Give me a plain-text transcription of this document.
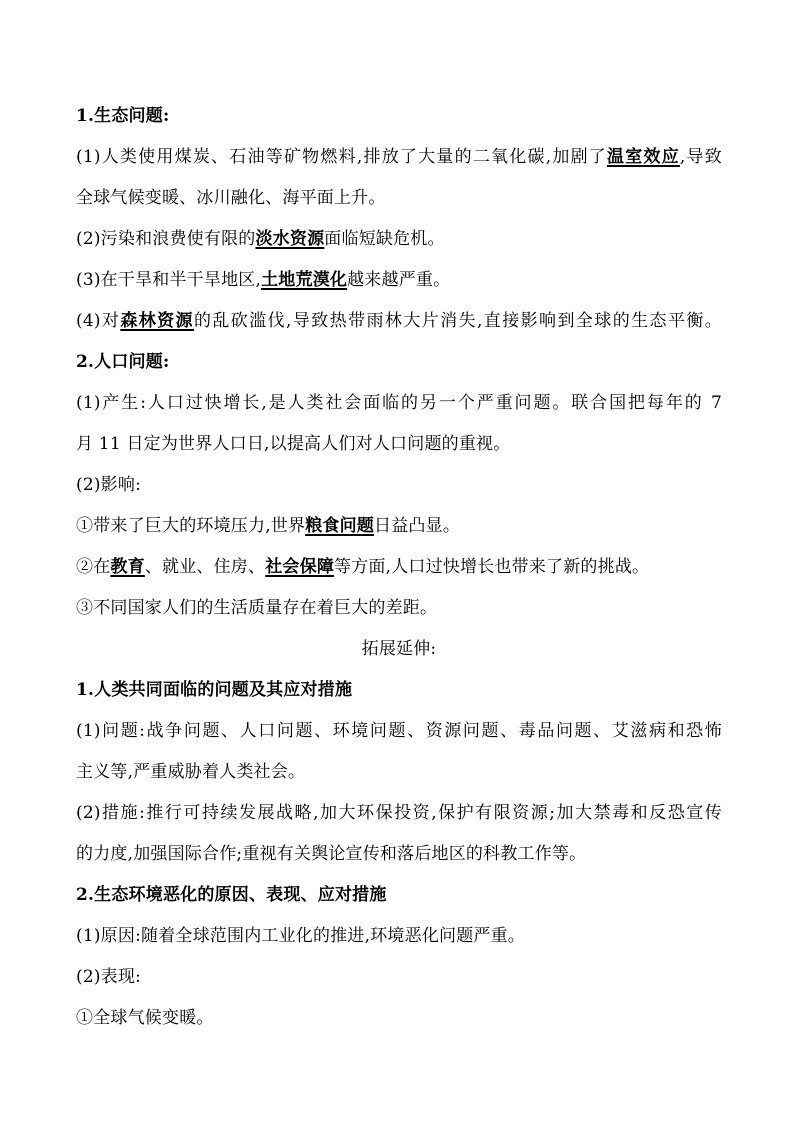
1.生态问题:
(1)人类使用煤炭、石油等矿物燃料,排放了大量的二氧化碳,加剧了温室效应,导致
全球气候变暖、冰川融化、海平面上升。
(2)污染和浪费使有限的淡水资源面临短缺危机。
(3)在干旱和半干旱地区,土地荒漠化越来越严重。
(4)对森林资源的乱砍滥伐,导致热带雨林大片消失,直接影响到全球的生态平衡。
2.人口问题:
(1)产生:人口过快增长,是人类社会面临的另一个严重问题。联合国把每年的 7
月 11 日定为世界人口日,以提高人们对人口问题的重视。
(2)影响:
①带来了巨大的环境压力,世界粮食问题日益凸显。
②在教育、就业、住房、社会保障等方面,人口过快增长也带来了新的挑战。
③不同国家人们的生活质量存在着巨大的差距。
拓展延伸:
1.人类共同面临的问题及其应对措施
(1)问题:战争问题、人口问题、环境问题、资源问题、毒品问题、艾滋病和恐怖
主义等,严重威胁着人类社会。
(2)措施:推行可持续发展战略,加大环保投资,保护有限资源;加大禁毒和反恐宣传
的力度,加强国际合作;重视有关舆论宣传和落后地区的科教工作等。
2.生态环境恶化的原因、表现、应对措施
(1)原因:随着全球范围内工业化的推进,环境恶化问题严重。
(2)表现:
①全球气候变暖。
